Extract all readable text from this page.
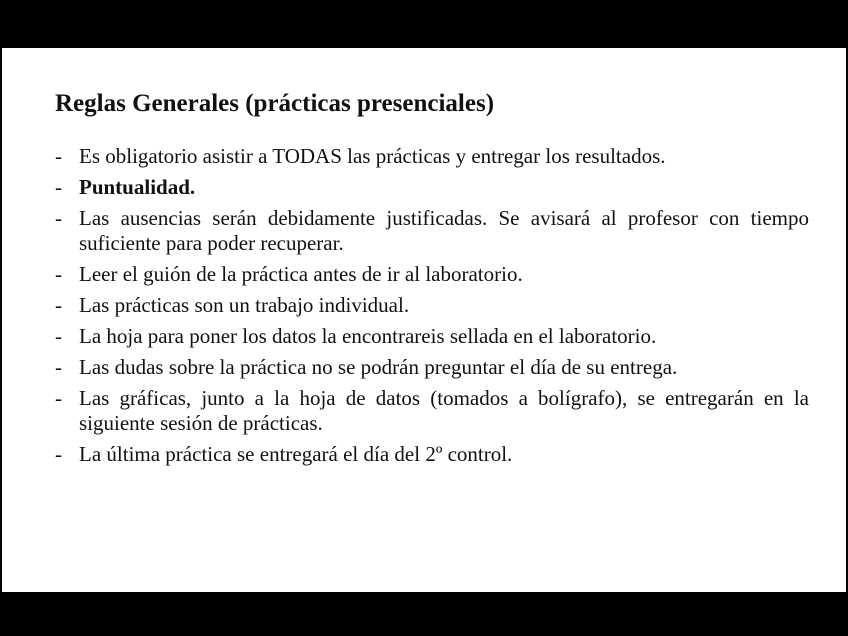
Reglas Generales (prácticas presenciales)
- Es obligatorio asistir a TODAS las prácticas y entregar los resultados.
- Puntualidad.
- Las ausencias serán debidamente justificadas. Se avisará al profesor con tiempo suficiente para poder recuperar.
- Leer el guión de la práctica antes de ir al laboratorio.
- Las prácticas son un trabajo individual.
- La hoja para poner los datos la encontrareis sellada en el laboratorio.
- Las dudas sobre la práctica no se podrán preguntar el día de su entrega.
- Las gráficas, junto a la hoja de datos (tomados a bolígrafo), se entregarán en la siguiente sesión de prácticas.
- La última práctica se entregará el día del 2º control.
